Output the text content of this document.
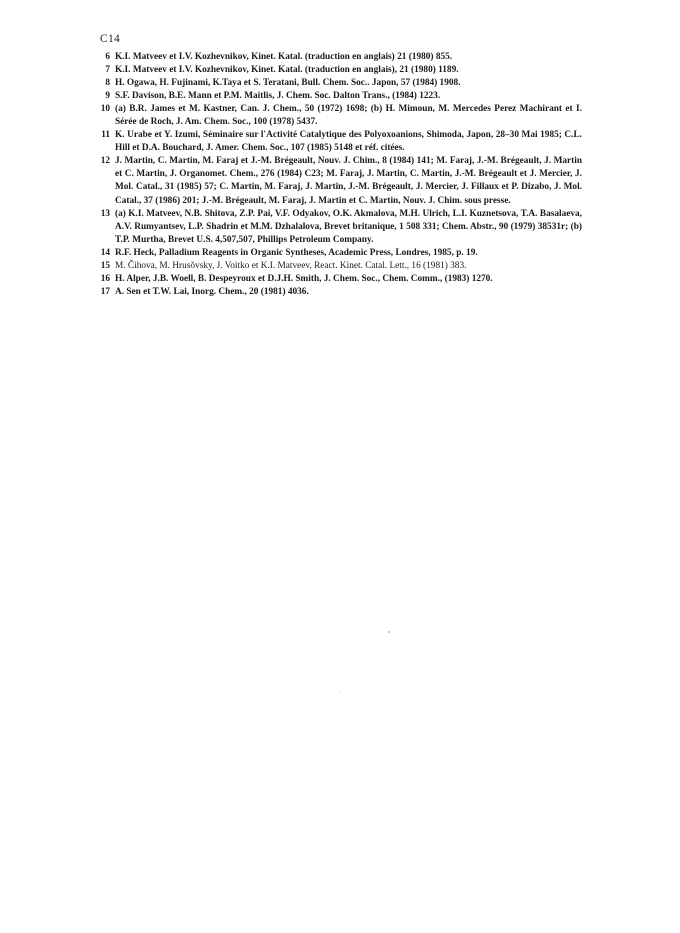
C14
6 K.I. Matveev et I.V. Kozhevnikov, Kinet. Katal. (traduction en anglais) 21 (1980) 855.
7 K.I. Matveev et I.V. Kozhevnikov, Kinet. Katal. (traduction en anglais), 21 (1980) 1189.
8 H. Ogawa, H. Fujinami, K.Taya et S. Teratani, Bull. Chem. Soc.. Japon, 57 (1984) 1908.
9 S.F. Davison, B.E. Mann et P.M. Maitlis, J. Chem. Soc. Dalton Trans., (1984) 1223.
10 (a) B.R. James et M. Kastner, Can. J. Chem., 50 (1972) 1698; (b) H. Mimoun, M. Mercedes Perez Machirant et I. Sérée de Roch, J. Am. Chem. Soc., 100 (1978) 5437.
11 K. Urabe et Y. Izumi, Séminaire sur l'Activité Catalytique des Polyoxoanions, Shimoda, Japon, 28–30 Mai 1985; C.L. Hill et D.A. Bouchard, J. Amer. Chem. Soc., 107 (1985) 5148 et réf. citées.
12 J. Martin, C. Martin, M. Faraj et J.-M. Brégeault, Nouv. J. Chim., 8 (1984) 141; M. Faraj, J.-M. Brégeault, J. Martin et C. Martin, J. Organomet. Chem., 276 (1984) C23; M. Faraj, J. Martin, C. Martin, J.-M. Brégeault et J. Mercier, J. Mol. Catal., 31 (1985) 57; C. Martin, M. Faraj, J. Martin, J.-M. Brégeault, J. Mercier, J. Fillaux et P. Dizabo, J. Mol. Catal., 37 (1986) 201; J.-M. Brégeault, M. Faraj, J. Martin et C. Martin, Nouv. J. Chim. sous presse.
13 (a) K.I. Matveev, N.B. Shitova, Z.P. Pai, V.F. Odyakov, O.K. Akmalova, M.H. Ulrich, L.I. Kuznetsova, T.A. Basalaeva, A.V. Rumyantsev, L.P. Shadrin et M.M. Dzhalalova, Brevet britanique, 1 508 331; Chem. Abstr., 90 (1979) 38531r; (b) T.P. Murtha, Brevet U.S. 4,507,507, Phillips Petroleum Company.
14 R.F. Heck, Palladium Reagents in Organic Syntheses, Academic Press, Londres, 1985, p. 19.
15 M. Čihova, M. Hrusŏvsky, J. Voitko et K.I. Matveev, React. Kinet. Catal. Lett., 16 (1981) 383.
16 H. Alper, J.B. Woell, B. Despeyroux et D.J.H. Smith, J. Chem. Soc., Chem. Comm., (1983) 1270.
17 A. Sen et T.W. Lai, Inorg. Chem., 20 (1981) 4036.
